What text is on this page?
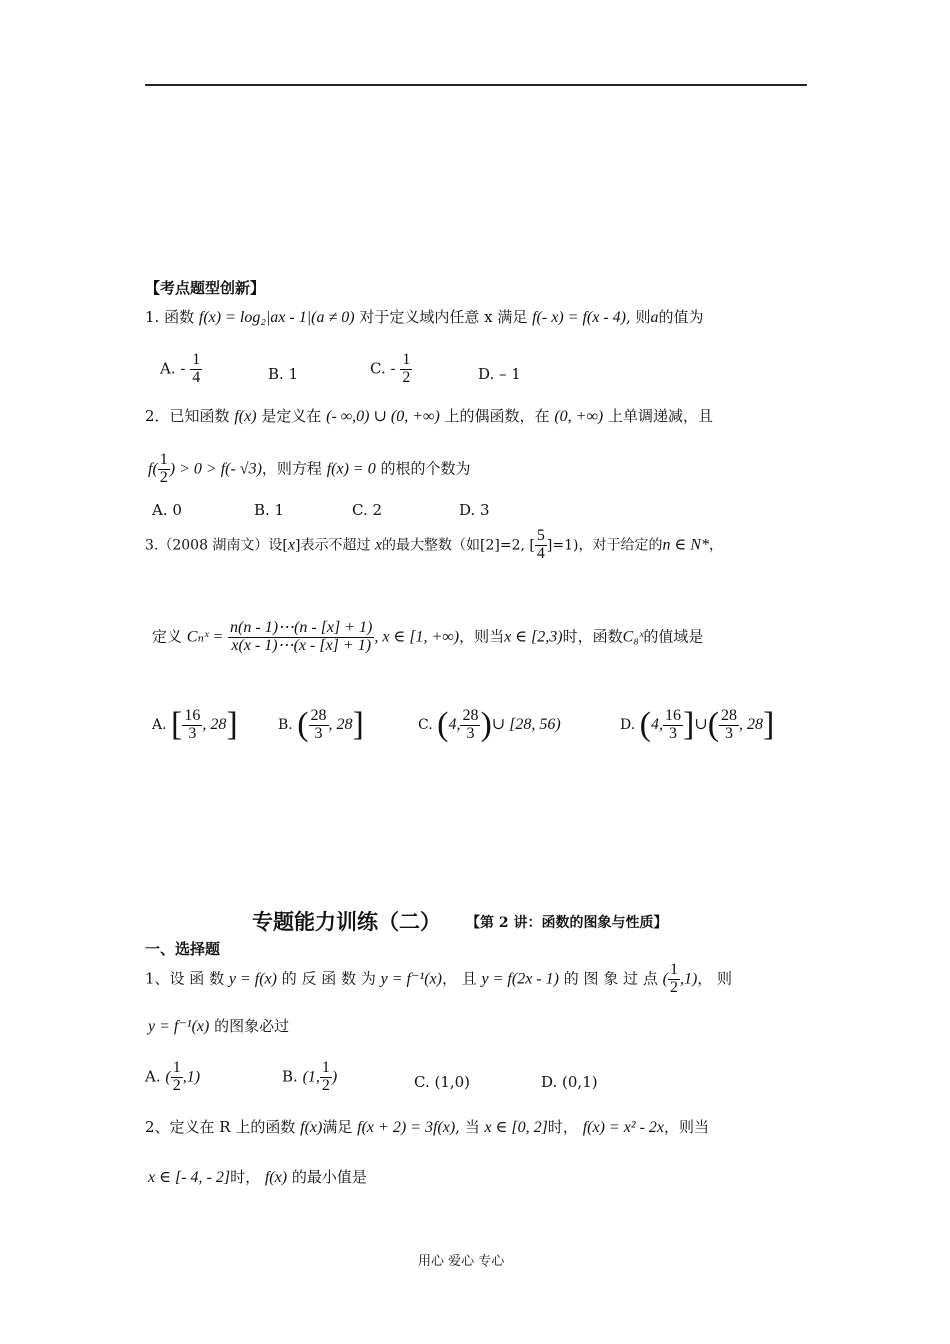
【考点题型创新】
1. 函数 f(x) = log₂|ax - 1|(a ≠ 0) 对于定义域内任意 x 满足 f(- x) = f(x - 4), 则a的值为
A. - $\frac{1}{4}$	B. 1	C. - $\frac{1}{2}$	D. – 1
2．已知函数 f(x) 是定义在 (- ∞,0) ∪ (0, +∞) 上的偶函数，在 (0, +∞) 上单调递减，且
$f( \frac{1}{2}$ ) > 0 > f(- √3)，则方程 f(x) = 0 的根的个数为
A. 0	B. 1	C. 2	D. 3
3.（2008 湖南文）设[x]表示不超过 x的最大整数（如[2]=2, [ $\frac{5}{4} ]=1$)，对于给定的n ∈ N*，
定义 Cₙˣ = $\frac{n(n - 1)\cdots(n - [x] + 1)}{x(x - 1)\cdots(x - [x] + 1)}$ , x ∈ [1, +∞)，则当x ∈ [2,3)时，函数C₈ˣ的值域是
A. [ $\frac{16}{3}$ , 28]	B. ( $\frac{28}{3}$ , 28]	C. (4, $\frac{28}{3}$ )∪ [28, 56)	D. (4, $\frac{16}{3}$ ]∪( $\frac{28}{3}$ , 28]
专题能力训练（二） 【第 2 讲：函数的图象与性质】
一、选择题
1、设 函 数 y = f(x) 的 反 函 数 为 y = f⁻¹(x)， 且 y = f(2x - 1) 的 图 象 过 点 ( $\frac{1}{2} ,1$)， 则
y = f⁻¹(x) 的图象必过
A. ( $\frac{1}{2} ,1$)	B. (1, $\frac{1}{2}$ )	C. (1,0)	D. (0,1)
2、定义在 R 上的函数 f(x)满足 f(x + 2) = 3f(x), 当 x ∈ [0, 2]时， f(x) = x² - 2x，则当
x ∈ [- 4, - 2]时， f(x) 的最小值是
用心 爱心 专心
